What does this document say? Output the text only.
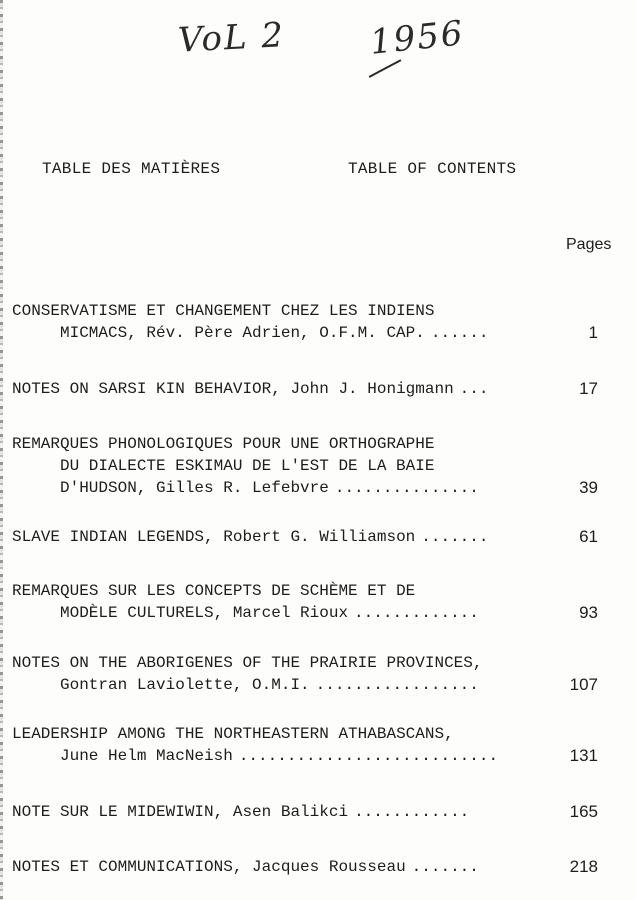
VoL 2 1956
TABLE DES MATIÈRES	TABLE OF CONTENTS
Pages
CONSERVATISME ET CHANGEMENT CHEZ LES INDIENS
MICMACS, Rév. Père Adrien, O.F.M. CAP. ......	1
NOTES ON SARSI KIN BEHAVIOR, John J. Honigmann ...	17
REMARQUES PHONOLOGIQUES POUR UNE ORTHOGRAPHE
DU DIALECTE ESKIMAU DE L'EST DE LA BAIE
D'HUDSON, Gilles R. Lefebvre ...............	39
SLAVE INDIAN LEGENDS, Robert G. Williamson .......	61
REMARQUES SUR LES CONCEPTS DE SCHÈME ET DE
MODÈLE CULTURELS, Marcel Rioux .............	93
NOTES ON THE ABORIGENES OF THE PRAIRIE PROVINCES,
Gontran Laviolette, O.M.I. .................	107
LEADERSHIP AMONG THE NORTHEASTERN ATHABASCANS,
June Helm MacNeish ...........................	131
NOTE SUR LE MIDEWIWIN, Asen Balikci ............	165
NOTES ET COMMUNICATIONS, Jacques Rousseau .......	218
